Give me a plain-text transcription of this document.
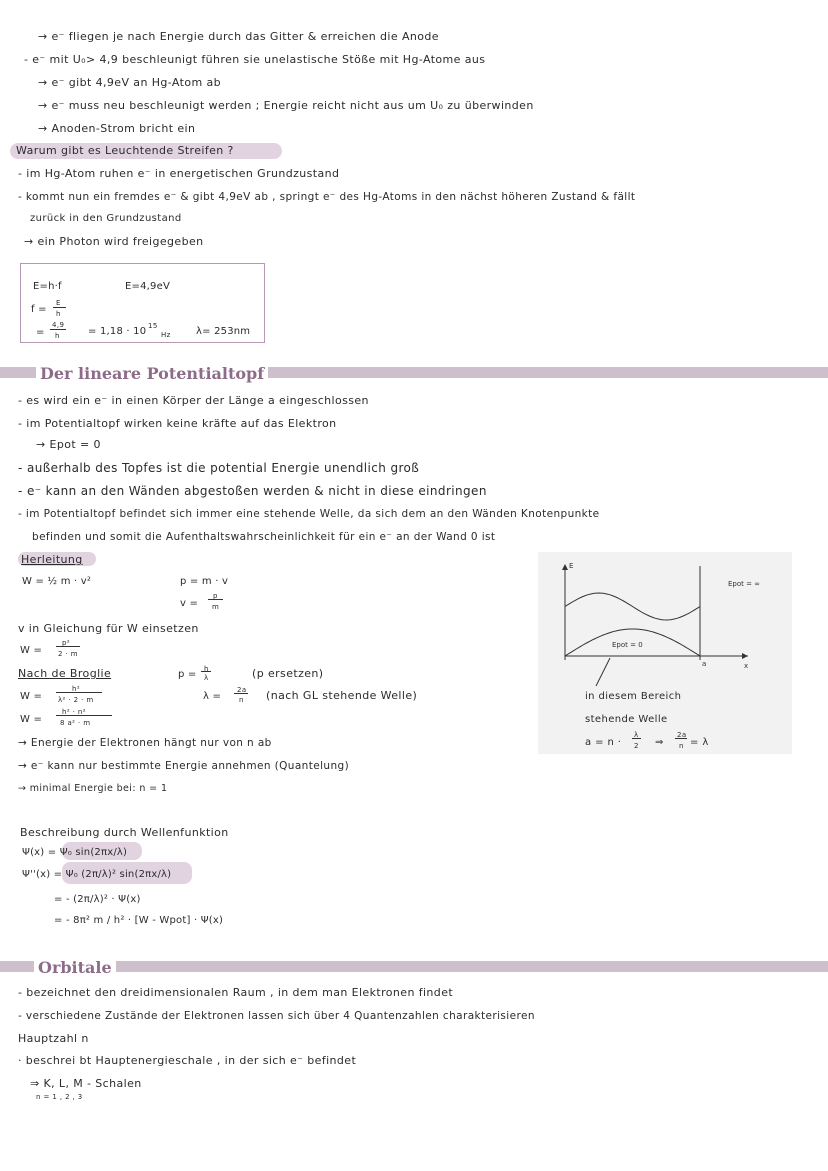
→ e⁻ fliegen je nach Energie durch das Gitter & erreichen die Anode
- e⁻ mit U₀> 4,9 beschleunigt führen sie unelastische Stöße mit Hg-Atome aus
→ e⁻ gibt 4,9eV an Hg-Atom ab
→ e⁻ muss neu beschleunigt werden ; Energie reicht nicht aus um U₀ zu überwinden
→ Anoden-Strom bricht ein
Warum gibt es Leuchtende Streifen ?
- im Hg-Atom ruhen e⁻ in energetischen Grundzustand
- kommt nun ein fremdes e⁻ & gibt 4,9eV ab , springt e⁻ des Hg-Atoms in den nächst höheren Zustand & fällt
zurück in den Grundzustand
→ ein Photon wird freigegeben
E=h·f	E=4,9eV
f =
E
h
=
4,9
h	= 1,18 · 10 15
Hz	λ= 253nm
Der lineare Potentialtopf
- es wird ein e⁻ in einen Körper der Länge a eingeschlossen
- im Potentialtopf wirken keine kräfte auf das Elektron
→ Epot = 0
- außerhalb des Topfes ist die potential Energie unendlich groß
- e⁻ kann an den Wänden abgestoßen werden & nicht in diese eindringen
- im Potentialtopf befindet sich immer eine stehende Welle, da sich dem an den Wänden Knotenpunkte
befinden und somit die Aufenthaltswahrscheinlichkeit für ein e⁻ an der Wand 0 ist
Herleitung
W = ½ m · v²	p = m · v
v =
p
m
v in Gleichung für W einsetzen
W =
p²
2 · m
Nach de Broglie	p = h
λ	(p ersetzen)
W =
h²
λ² · 2 · m	λ =
2a
n (nach GL stehende Welle)
W =
h² · n²
8 a² · m
→ Energie der Elektronen hängt nur von n ab
→ e⁻ kann nur bestimmte Energie annehmen (Quantelung)
→ minimal Energie bei: n = 1
E
x
a
Epot = ∞
Epot = 0
in diesem Bereich
stehende Welle
a = n ·
λ
2 ⇒
2a
n = λ
Beschreibung durch Wellenfunktion
Ψ(x) = Ψ₀ sin(2πx/λ)
Ψ''(x) = Ψ₀ (2π/λ)² sin(2πx/λ)
= - (2π/λ)² · Ψ(x)
= - 8π² m / h² · [W - Wpot] · Ψ(x)
Orbitale
- bezeichnet den dreidimensionalen Raum , in dem man Elektronen findet
- verschiedene Zustände der Elektronen lassen sich über 4 Quantenzahlen charakterisieren
Hauptzahl n
· beschrei bt Hauptenergieschale , in der sich e⁻ befindet
⇒ K, L, M - Schalen
n = 1 , 2 , 3
